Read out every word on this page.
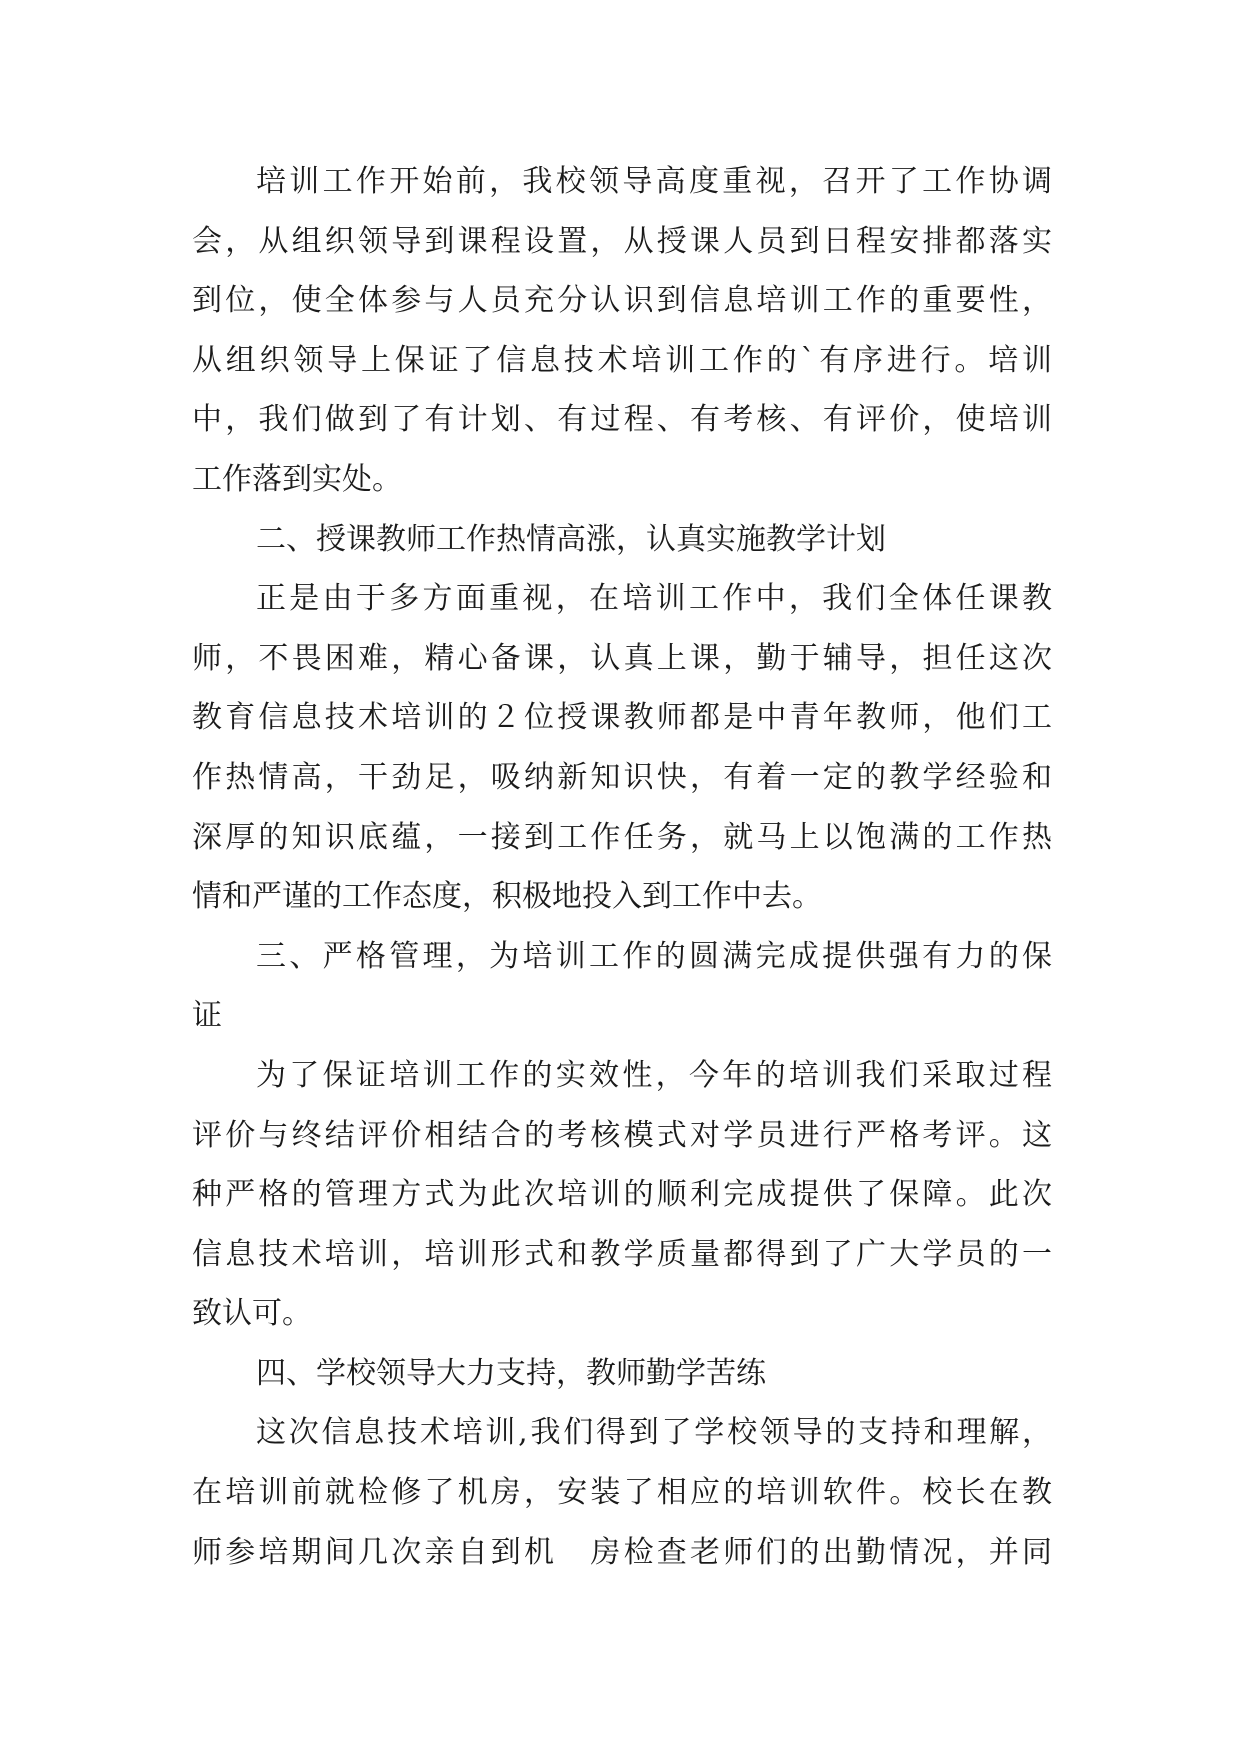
培训工作开始前，我校领导高度重视，召开了工作协调
会，从组织领导到课程设置，从授课人员到日程安排都落实
到位，使全体参与人员充分认识到信息培训工作的重要性，
从组织领导上保证了信息技术培训工作的`有序进行。培训
中，我们做到了有计划、有过程、有考核、有评价，使培训
工作落到实处。
二、授课教师工作热情高涨，认真实施教学计划
正是由于多方面重视，在培训工作中，我们全体任课教
师，不畏困难，精心备课，认真上课，勤于辅导，担任这次
教育信息技术培训的２位授课教师都是中青年教师，他们工
作热情高，干劲足，吸纳新知识快，有着一定的教学经验和
深厚的知识底蕴，一接到工作任务，就马上以饱满的工作热
情和严谨的工作态度，积极地投入到工作中去。
三、严格管理，为培训工作的圆满完成提供强有力的保
证
为了保证培训工作的实效性，今年的培训我们采取过程
评价与终结评价相结合的考核模式对学员进行严格考评。这
种严格的管理方式为此次培训的顺利完成提供了保障。此次
信息技术培训，培训形式和教学质量都得到了广大学员的一
致认可。
四、学校领导大力支持，教师勤学苦练
这次信息技术培训,我们得到了学校领导的支持和理解，
在培训前就检修了机房，安装了相应的培训软件。校长在教
师参培期间几次亲自到机　房检查老师们的出勤情况，并同
